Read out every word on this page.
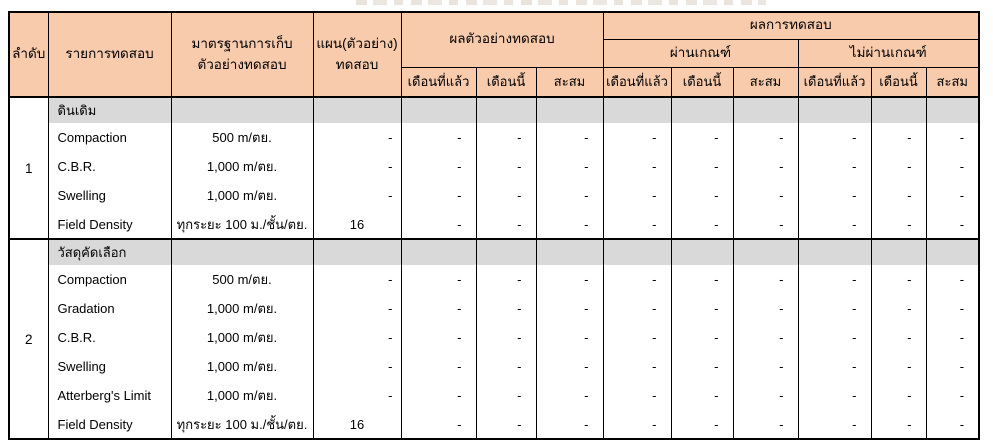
ลำดับ	รายการทดสอบ	
มาตรฐานการเก็บ
ตัวอย่างทดสอบ

แผน(ตัวอย่าง)
ทดสอบ
	ผลตัวอย่างทดสอบ	ผลการทดสอบ
							ผ่านเกณฑ์			ไม่ผ่านเกณฑ์		
				เดือนที่แล้ว	เดือนนี้	สะสม	เดือนที่แล้ว	เดือนนี้	สะสม	เดือนที่แล้ว	เดือนนี้	สะสม
1	ดินเดิม											
	Compaction	500 m/ตย.	-	-	-	-	-	-	-	-	-	-
	C.B.R.	1,000 m/ตย.	-	-	-	-	-	-	-	-	-	-
	Swelling	1,000 m/ตย.	-	-	-	-	-	-	-	-	-	-
	Field Density	ทุกระยะ 100 ม./ชั้น/ตย.	16	-	-	-	-	-	-	-	-	-
2	วัสดุคัดเลือก											
	Compaction	500 m/ตย.	-	-	-	-	-	-	-	-	-	-
	Gradation	1,000 m/ตย.	-	-	-	-	-	-	-	-	-	-
	C.B.R.	1,000 m/ตย.	-	-	-	-	-	-	-	-	-	-
	Swelling	1,000 m/ตย.	-	-	-	-	-	-	-	-	-	-
	Atterberg's Limit	1,000 m/ตย.	-	-	-	-	-	-	-	-	-	-
	Field Density	ทุกระยะ 100 ม./ชั้น/ตย.	16	-	-	-	-	-	-	-	-	-
